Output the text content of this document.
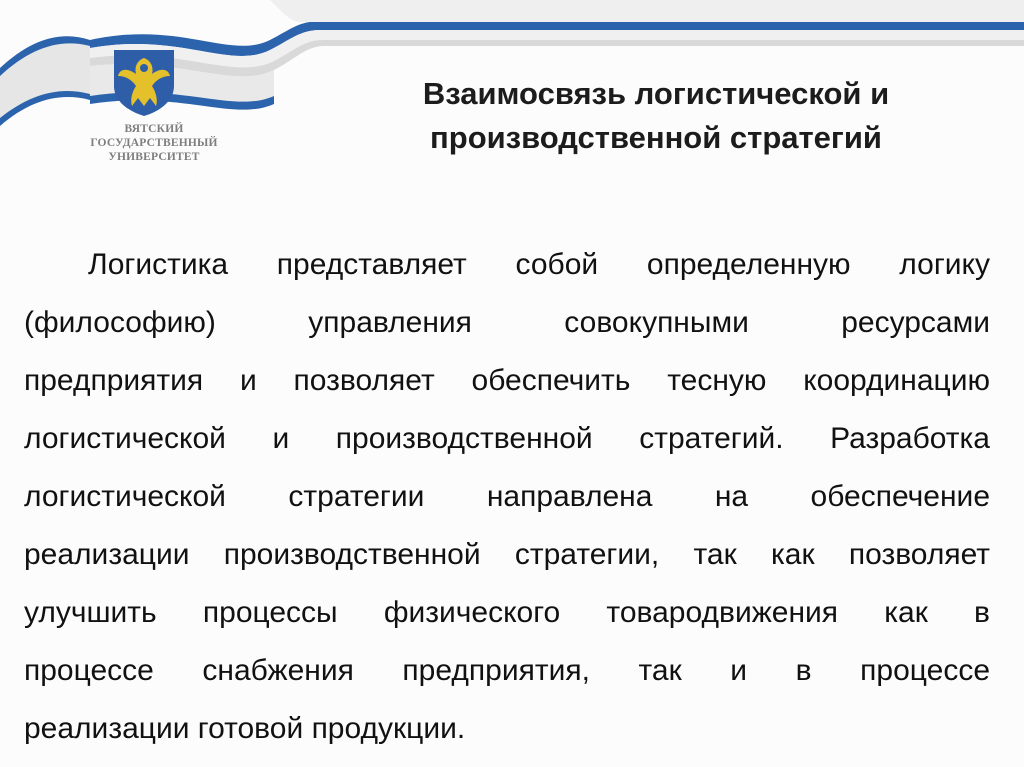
ВЯТСКИЙ
ГОСУДАРСТВЕННЫЙ
УНИВЕРСИТЕТ
Взаимосвязь логистической и
производственной стратегий
Логистика представляет собой определенную логику
(философию) управления совокупными ресурсами
предприятия и позволяет обеспечить тесную координацию
логистической и производственной стратегий. Разработка
логистической стратегии направлена на обеспечение
реализации производственной стратегии, так как позволяет
улучшить процессы физического товародвижения как в
процессе снабжения предприятия, так и в процессе
реализации готовой продукции.
